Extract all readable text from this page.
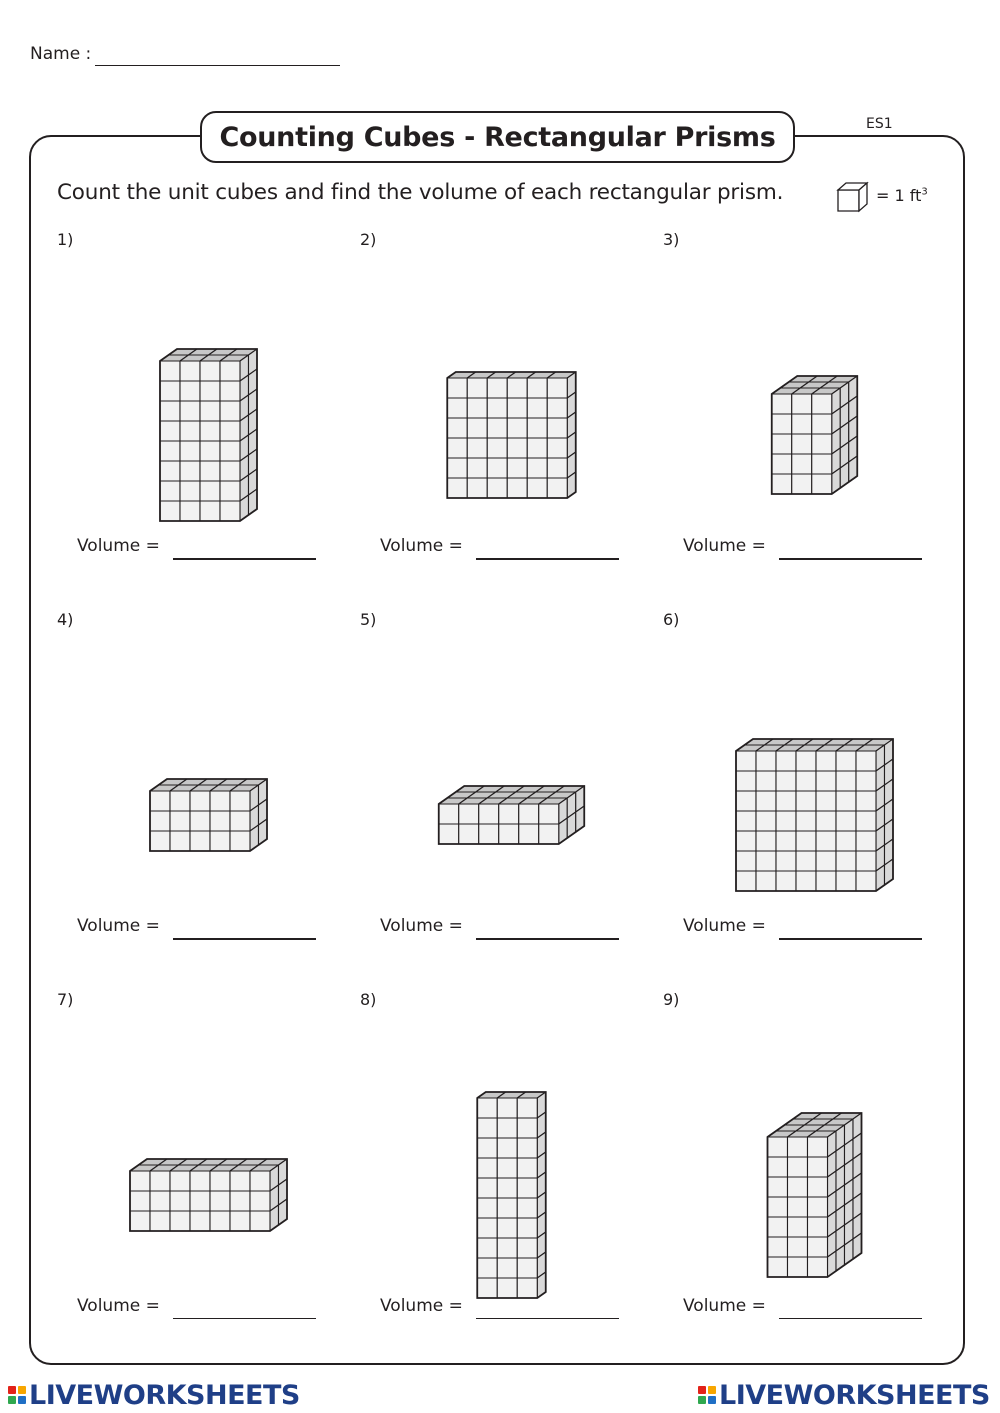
Name :
Counting Cubes - Rectangular Prisms	ES1
Count the unit cubes and find the volume of each rectangular prism.	= 1 $ft^3$
1)
Volume =
2)
Volume =
3)
Volume =
4)
Volume =
5)
Volume =
6)
Volume =
7)
Volume =
8)
Volume =
9)
Volume =
LIVEWORKSHEETS	LIVEWORKSHEETS
